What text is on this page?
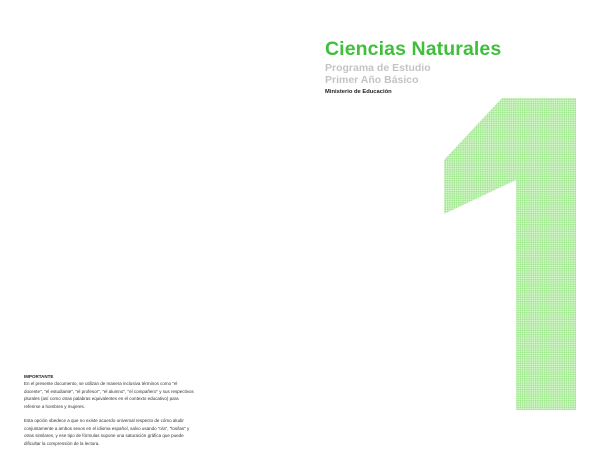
Ciencias Naturales
Programa de Estudio
Primer Año Básico
Ministerio de Educación
IMPORTANTE

En el presente documento, se utilizan de manera inclusiva términos como "el docente", "el estudiante", "el profesor", "el alumno", "el compañero" y sus respectivos plurales (así como otras palabras equivalentes en el contexto educativo) para referirse a hombres y mujeres.

Esta opción obedece a que no existe acuerdo universal respecto de cómo aludir conjuntamente a ambos sexos en el idioma español, salvo usando "o/a", "los/las" y otras similares, y ese tipo de fórmulas supone una saturación gráfica que puede dificultar la comprensión de la lectura.
